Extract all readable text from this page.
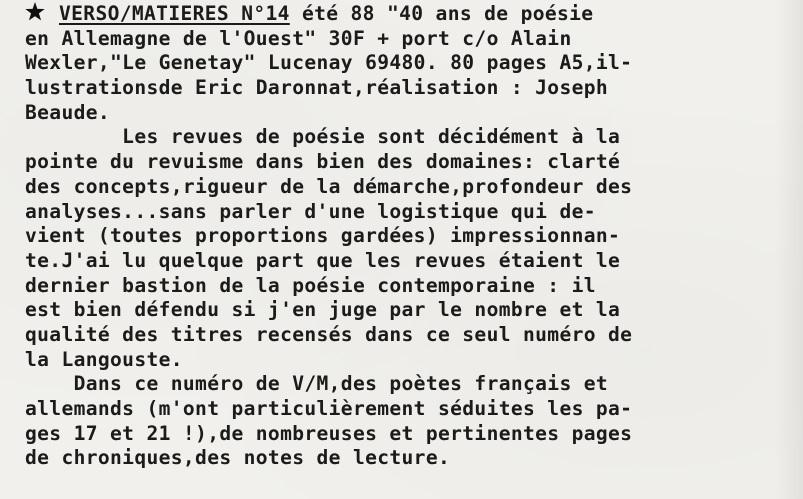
VERSO/MATIERES N°14 été 88 "40 ans de poésie
en Allemagne de l'Ouest" 30F + port c/o Alain
Wexler,"Le Genetay" Lucenay 69480. 80 pages A5,il-
lustrationsde Eric Daronnat,réalisation : Joseph
Beaude.
Les revues de poésie sont décidément à la
pointe du revuisme dans bien des domaines: clarté
des concepts,rigueur de la démarche,profondeur des
analyses...sans parler d'une logistique qui de-
vient (toutes proportions gardées) impressionnan-
te.J'ai lu quelque part que les revues étaient le
dernier bastion de la poésie contemporaine : il
est bien défendu si j'en juge par le nombre et la
qualité des titres recensés dans ce seul numéro de
la Langouste.
Dans ce numéro de V/M,des poètes français et
allemands (m'ont particulièrement séduites les pa-
ges 17 et 21 !),de nombreuses et pertinentes pages
de chroniques,des notes de lecture.
